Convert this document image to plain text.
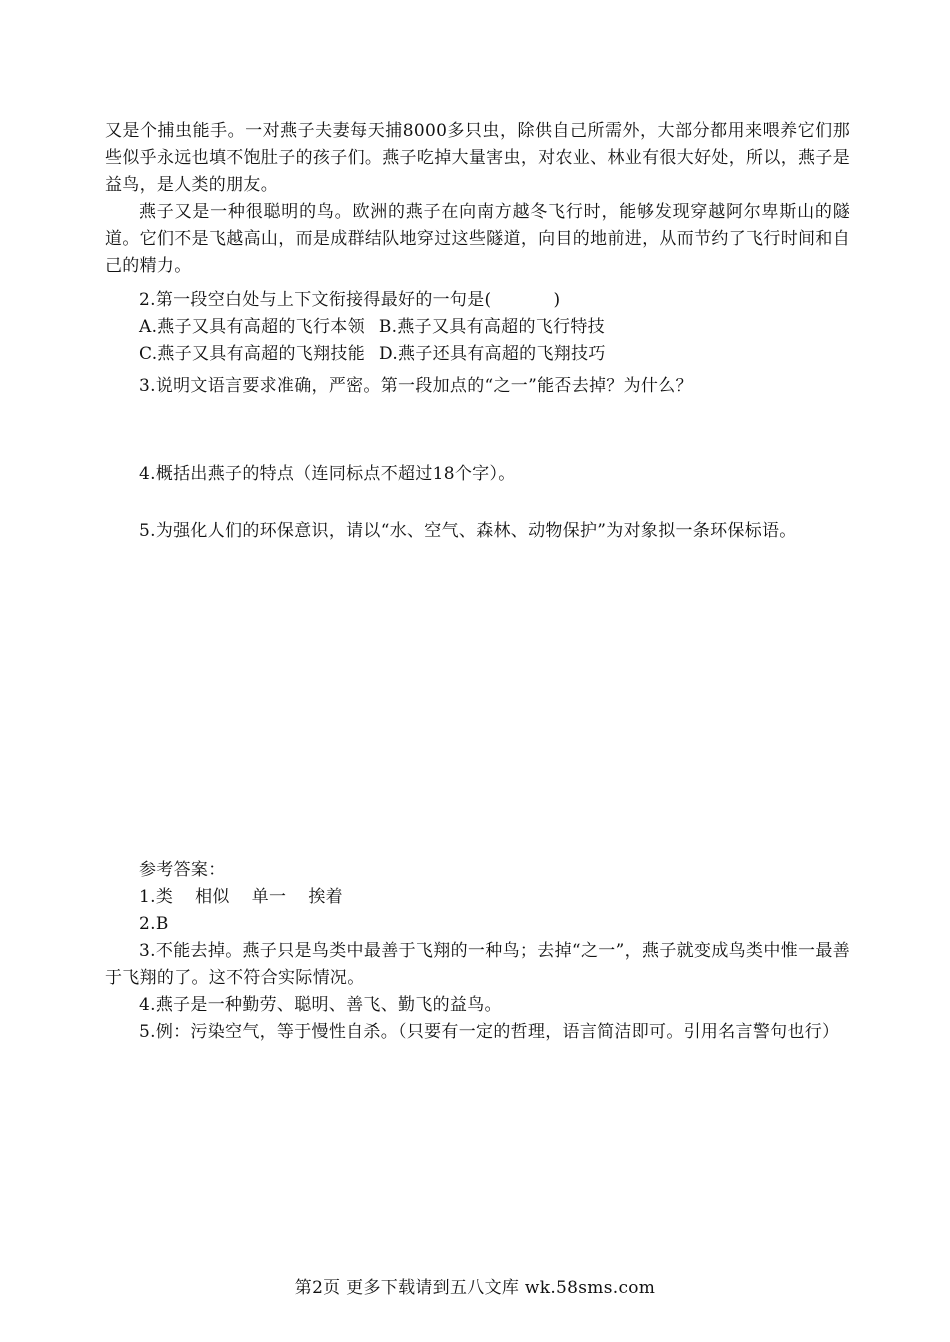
又是个捕虫能手。一对燕子夫妻每天捕8000多只虫，除供自己所需外，大部分都用来喂养它们那些似乎永远也填不饱肚子的孩子们。燕子吃掉大量害虫，对农业、林业有很大好处，所以，燕子是益鸟，是人类的朋友。

燕子又是一种很聪明的鸟。欧洲的燕子在向南方越冬飞行时，能够发现穿越阿尔卑斯山的隧道。它们不是飞越高山，而是成群结队地穿过这些隧道，向目的地前进，从而节约了飞行时间和自己的精力。

2.第一段空白处与上下文衔接得最好的一句是(	)

A.燕子又具有高超的飞行本领 B.燕子又具有高超的飞行特技

C.燕子又具有高超的飞翔技能 D.燕子还具有高超的飞翔技巧

3.说明文语言要求准确，严密。第一段加点的“之一”能否去掉？为什么？

4.概括出燕子的特点（连同标点不超过18个字）。

5.为强化人们的环保意识，请以“水、空气、森林、动物保护”为对象拟一条环保标语。

参考答案：

1.类 相似 单一 挨着

2.B

3.不能去掉。燕子只是鸟类中最善于飞翔的一种鸟；去掉“之一”，燕子就变成鸟类中惟一最善于飞翔的了。这不符合实际情况。

4.燕子是一种勤劳、聪明、善飞、勤飞的益鸟。

5.例：污染空气，等于慢性自杀。（只要有一定的哲理，语言简洁即可。引用名言警句也行）

第2页 更多下载请到五八文库 wk.58sms.com
